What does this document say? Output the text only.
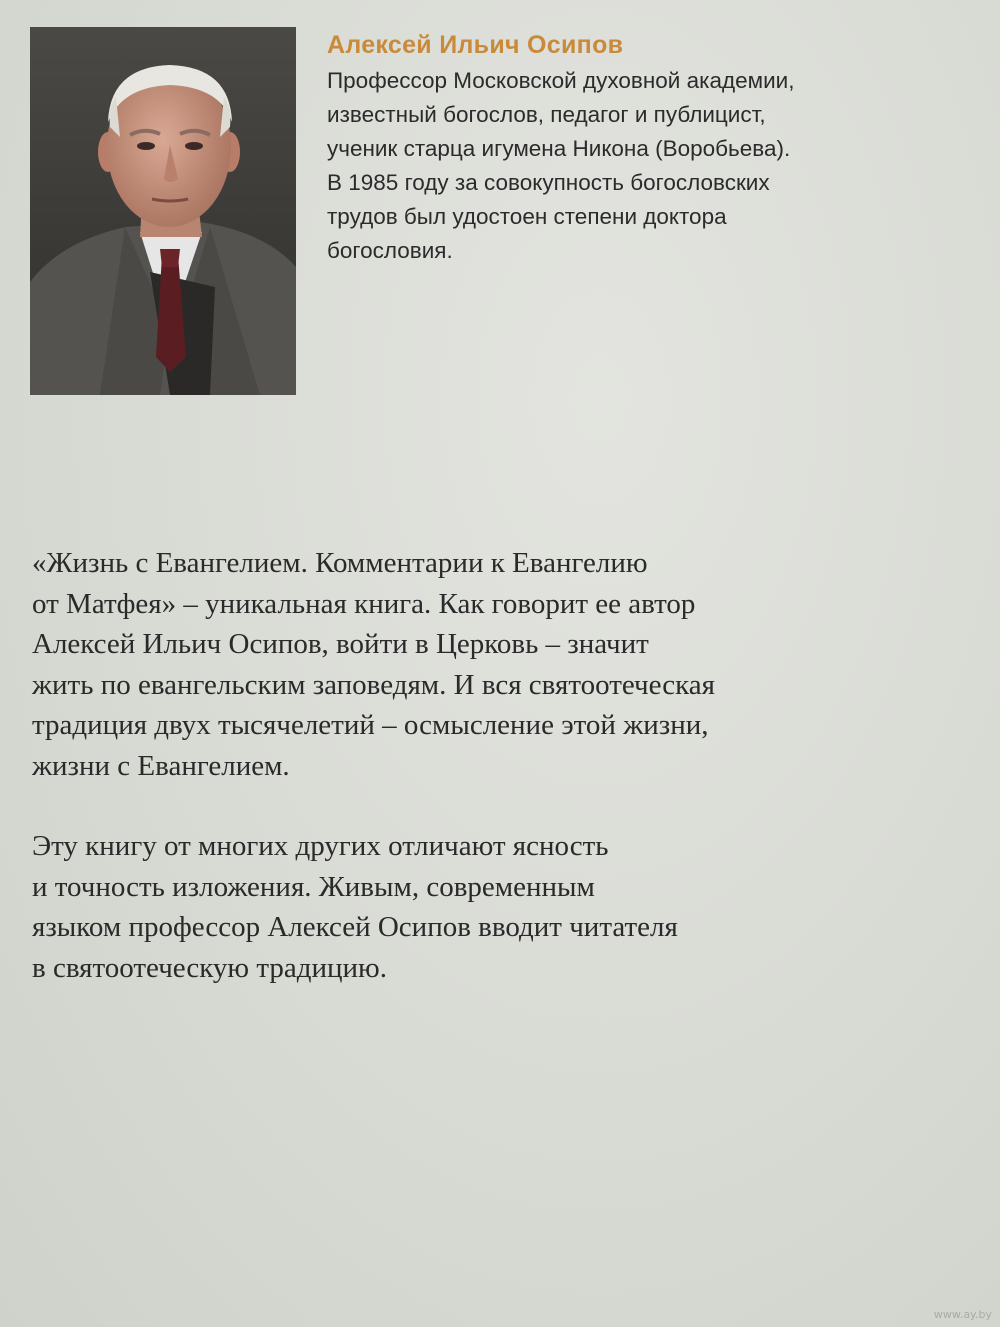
Алексей Ильич Осипов

Профессор Московской духовной академии,
известный богослов, педагог и публицист,
ученик старца игумена Никона (Воробьева).
В 1985 году за совокупность богословских
трудов был удостоен степени доктора
богословия.

«Жизнь с Евангелием. Комментарии к Евангелию
от Матфея» – уникальная книга. Как говорит ее автор
Алексей Ильич Осипов, войти в Церковь – значит
жить по евангельским заповедям. И вся святоотеческая
традиция двух тысячелетий – осмысление этой жизни,
жизни с Евангелием.

Эту книгу от многих других отличают ясность
и точность изложения. Живым, современным
языком профессор Алексей Осипов вводит читателя
в святоотеческую традицию.

www.ay.by
